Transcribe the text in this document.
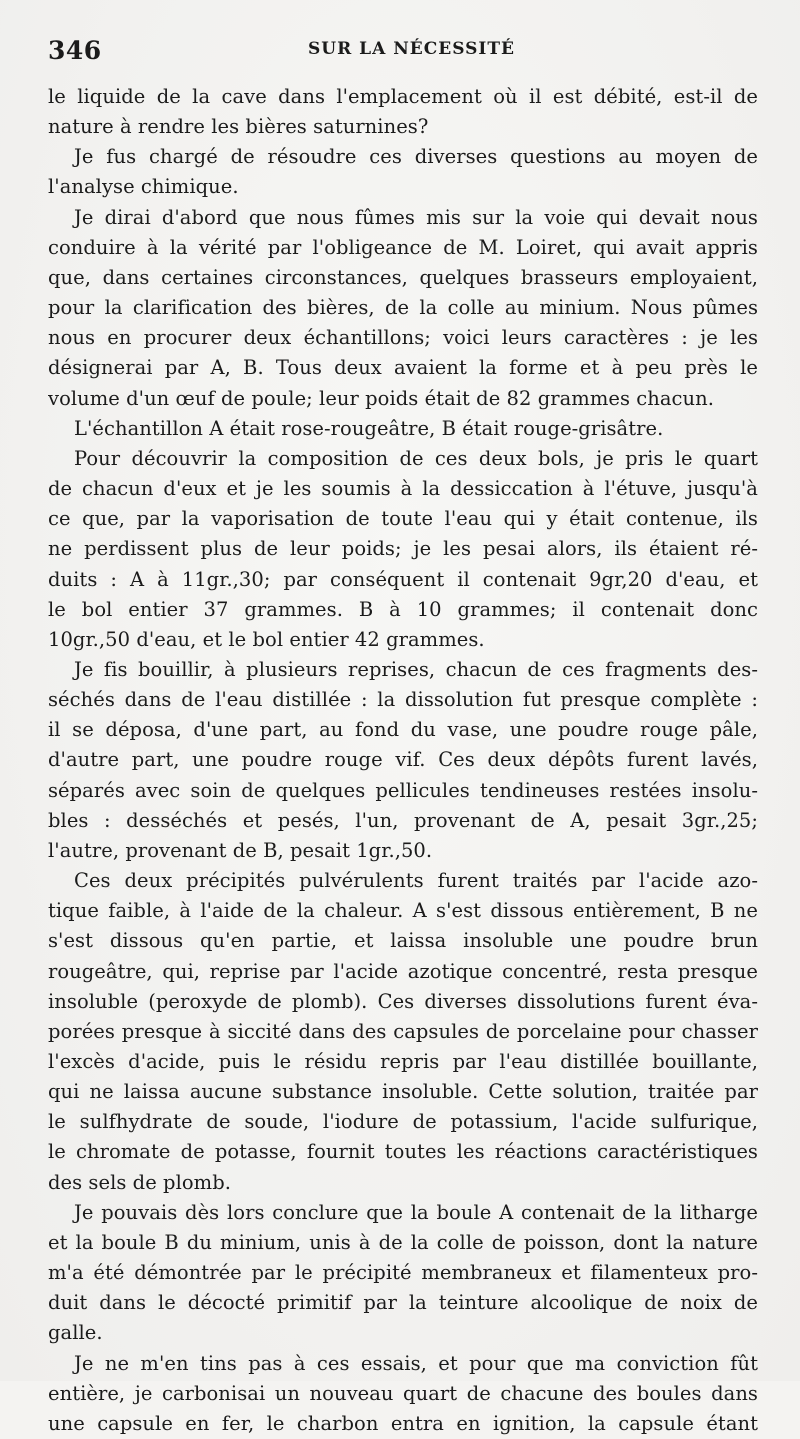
346	SUR LA NÉCESSITÉ
le liquide de la cave dans l'emplacement où il est débité, est-il de
nature à rendre les bières saturnines?
Je fus chargé de résoudre ces diverses questions au moyen de
l'analyse chimique.
Je dirai d'abord que nous fûmes mis sur la voie qui devait nous
conduire à la vérité par l'obligeance de M. Loiret, qui avait appris
que, dans certaines circonstances, quelques brasseurs employaient,
pour la clarification des bières, de la colle au minium. Nous pûmes
nous en procurer deux échantillons; voici leurs caractères : je les
désignerai par A, B. Tous deux avaient la forme et à peu près le
volume d'un œuf de poule; leur poids était de 82 grammes chacun.
L'échantillon A était rose-rougeâtre, B était rouge-grisâtre.
Pour découvrir la composition de ces deux bols, je pris le quart
de chacun d'eux et je les soumis à la dessiccation à l'étuve, jusqu'à
ce que, par la vaporisation de toute l'eau qui y était contenue, ils
ne perdissent plus de leur poids; je les pesai alors, ils étaient ré-
duits : A à 11gr.,30; par conséquent il contenait 9gr,20 d'eau, et
le bol entier 37 grammes. B à 10 grammes; il contenait donc
10gr.,50 d'eau, et le bol entier 42 grammes.
Je fis bouillir, à plusieurs reprises, chacun de ces fragments des-
séchés dans de l'eau distillée : la dissolution fut presque complète :
il se déposa, d'une part, au fond du vase, une poudre rouge pâle,
d'autre part, une poudre rouge vif. Ces deux dépôts furent lavés,
séparés avec soin de quelques pellicules tendineuses restées insolu-
bles : desséchés et pesés, l'un, provenant de A, pesait 3gr.,25;
l'autre, provenant de B, pesait 1gr.,50.
Ces deux précipités pulvérulents furent traités par l'acide azo-
tique faible, à l'aide de la chaleur. A s'est dissous entièrement, B ne
s'est dissous qu'en partie, et laissa insoluble une poudre brun
rougeâtre, qui, reprise par l'acide azotique concentré, resta presque
insoluble (peroxyde de plomb). Ces diverses dissolutions furent éva-
porées presque à siccité dans des capsules de porcelaine pour chasser
l'excès d'acide, puis le résidu repris par l'eau distillée bouillante,
qui ne laissa aucune substance insoluble. Cette solution, traitée par
le sulfhydrate de soude, l'iodure de potassium, l'acide sulfurique,
le chromate de potasse, fournit toutes les réactions caractéristiques
des sels de plomb.
Je pouvais dès lors conclure que la boule A contenait de la litharge
et la boule B du minium, unis à de la colle de poisson, dont la nature
m'a été démontrée par le précipité membraneux et filamenteux pro-
duit dans le décocté primitif par la teinture alcoolique de noix de
galle.
Je ne m'en tins pas à ces essais, et pour que ma conviction fût
entière, je carbonisai un nouveau quart de chacune des boules dans
une capsule en fer, le charbon entra en ignition, la capsule étant
